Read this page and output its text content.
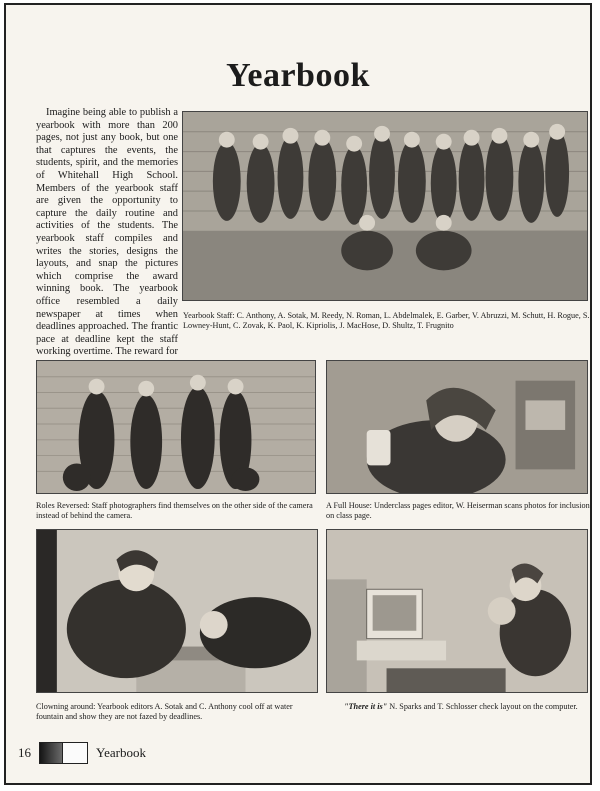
Yearbook
Imagine being able to publish a yearbook with more than 200 pages, not just any book, but one that captures the events, the students, spirit, and the memories of Whitehall High School. Members of the yearbook staff are given the opportunity to capture the daily routine and activities of the students. The yearbook staff compiles and writes the stories, designs the layouts, and snap the pictures which comprise the award winning book. The yearbook office resembled a daily newspaper at times when deadlines approached. The frantic pace at deadline kept the staff working overtime. The reward for
Yearbook Staff: C. Anthony, A. Sotak, M. Reedy, N. Roman, L. Abdelmalek, E. Garber, V. Abruzzi, M. Schutt, H. Rogue, S. Lowney-Hunt, C. Zovak, K. Paol, K. Kipriolis, J. MacHose, D. Shultz, T. Frugnito
Roles Reversed: Staff photographers find themselves on the other side of the camera instead of behind the camera.
A Full House: Underclass pages editor, W. Heiserman scans photos for inclusion on class page.
Clowning around: Yearbook editors A. Sotak and C. Anthony cool off at water fountain and show they are not fazed by deadlines.
"There it is" N. Sparks and T. Schlosser check layout on the computer.
16	Yearbook
